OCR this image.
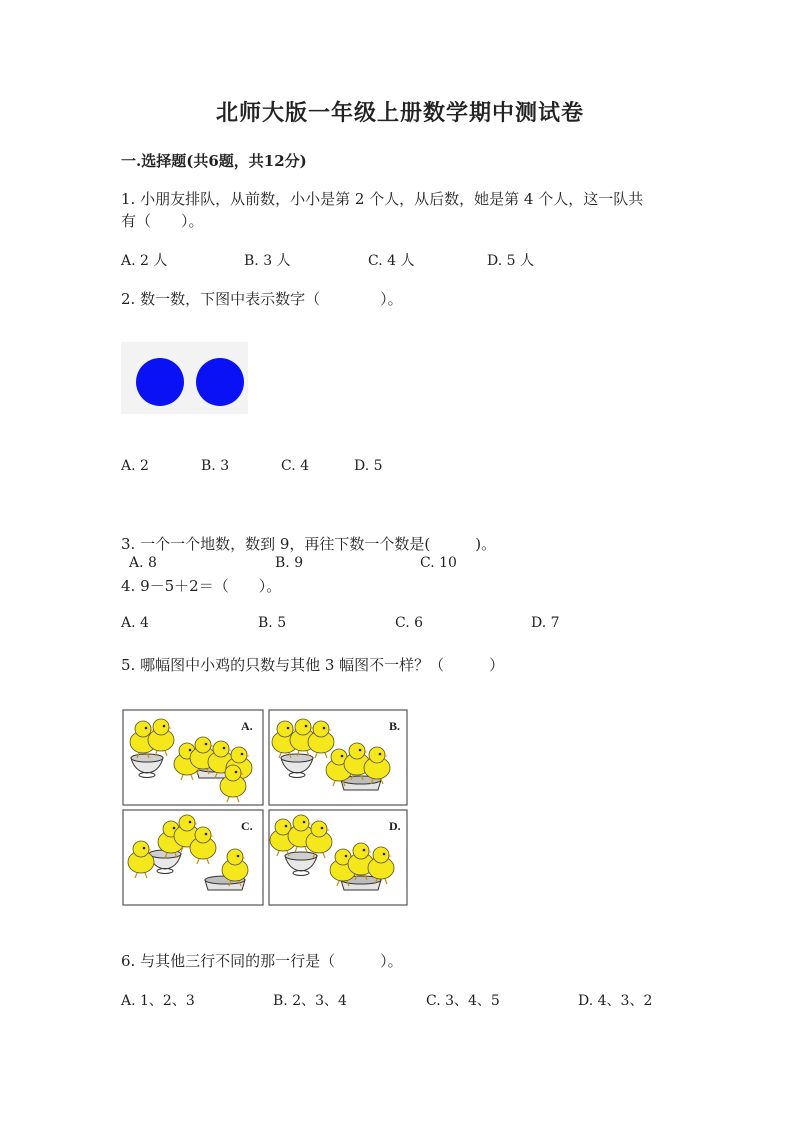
北师大版一年级上册数学期中测试卷
一.选择题(共6题，共12分)
1. 小朋友排队，从前数，小小是第 2 个人，从后数，她是第 4 个人，这一队共
有（　　）。
A. 2 人	B. 3 人	C. 4 人	D. 5 人
2. 数一数，下图中表示数字（　　　　）。
A. 2	B. 3	C. 4	D. 5
3. 一个一个地数，数到 9，再往下数一个数是(　　　)。
A. 8	B. 9	C. 10
4. 9－5＋2＝（　　）。
A. 4	B. 5	C. 6	D. 7
5. 哪幅图中小鸡的只数与其他 3 幅图不一样？（　　　）
A.	B.
C.	D.
6. 与其他三行不同的那一行是（　　　）。
A. 1、2、3	B. 2、3、4	C. 3、4、5	D. 4、3、2
